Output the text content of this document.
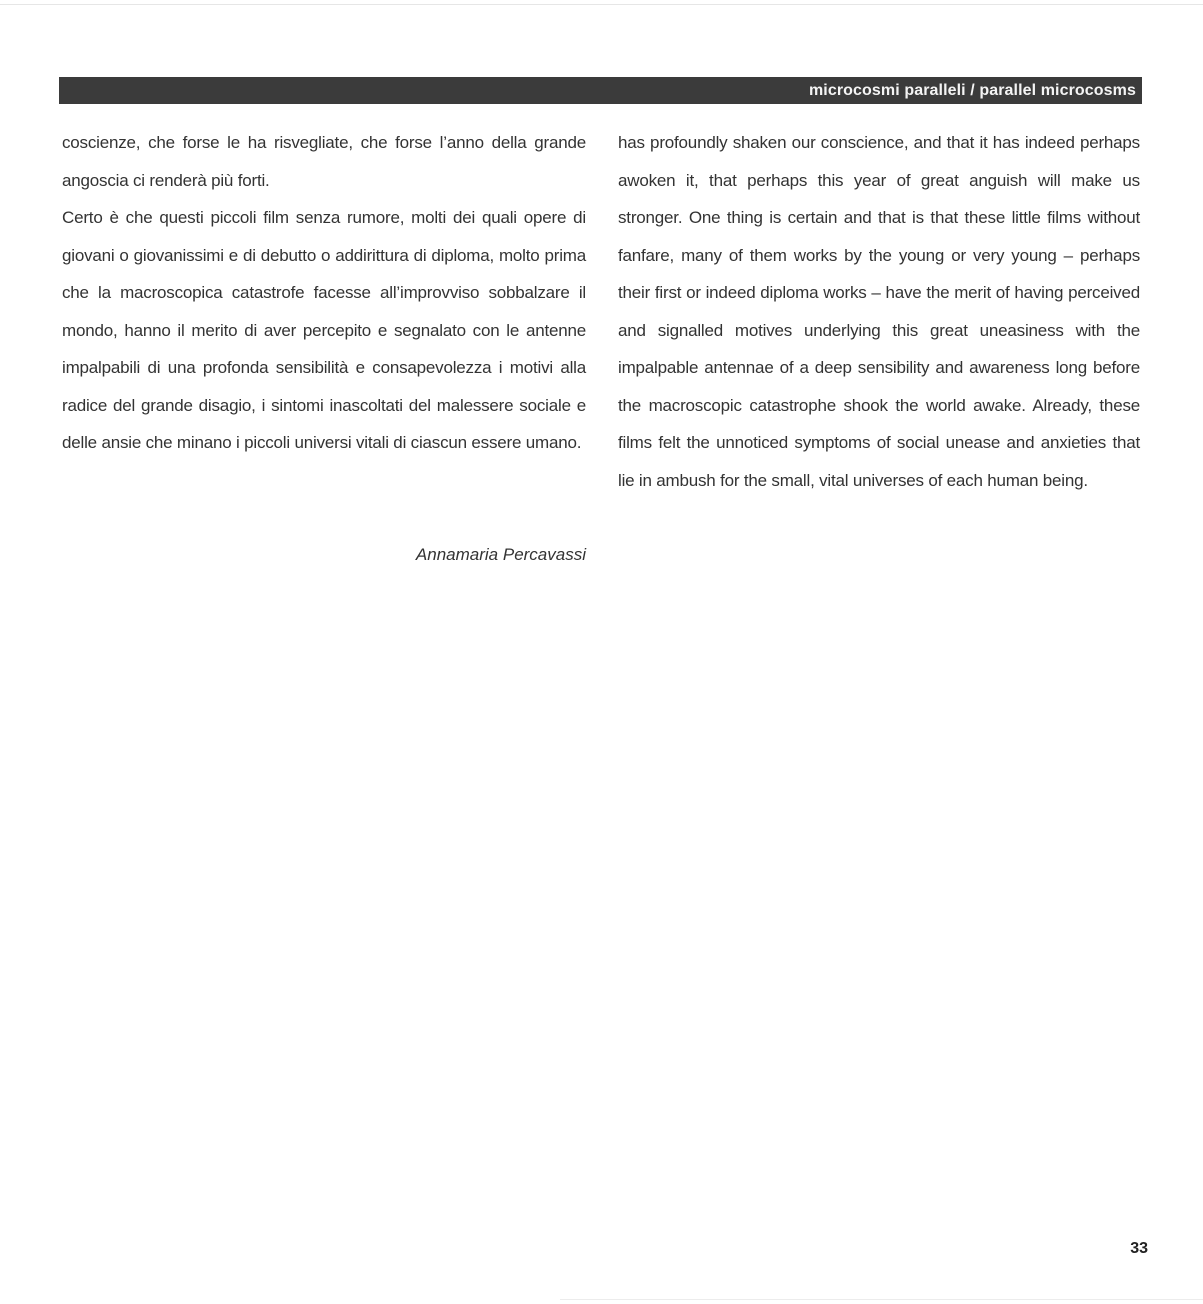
microcosmi paralleli / parallel microcosms

coscienze, che forse le ha risvegliate, che forse l’anno della grande angoscia ci renderà più forti.

Certo è che questi piccoli film senza rumore, molti dei quali opere di giovani o giovanissimi e di debutto o addirittura di diploma, molto prima che la macroscopica catastrofe facesse all’improvviso sobbalzare il mondo, hanno il merito di aver percepito e segnalato con le antenne impalpabili di una profonda sensibilità e consapevolezza i motivi alla radice del grande disagio, i sintomi inascoltati del malessere sociale e delle ansie che minano i piccoli universi vitali di ciascun essere umano.

Annamaria Percavassi

has profoundly shaken our conscience, and that it has indeed perhaps awoken it, that perhaps this year of great anguish will make us stronger. One thing is certain and that is that these little films without fanfare, many of them works by the young or very young – perhaps their first or indeed diploma works – have the merit of having perceived and signalled motives underlying this great uneasiness with the impalpable antennae of a deep sensibility and awareness long before the macroscopic catastrophe shook the world awake. Already, these films felt the unnoticed symptoms of social unease and anxieties that lie in ambush for the small, vital universes of each human being.

33
